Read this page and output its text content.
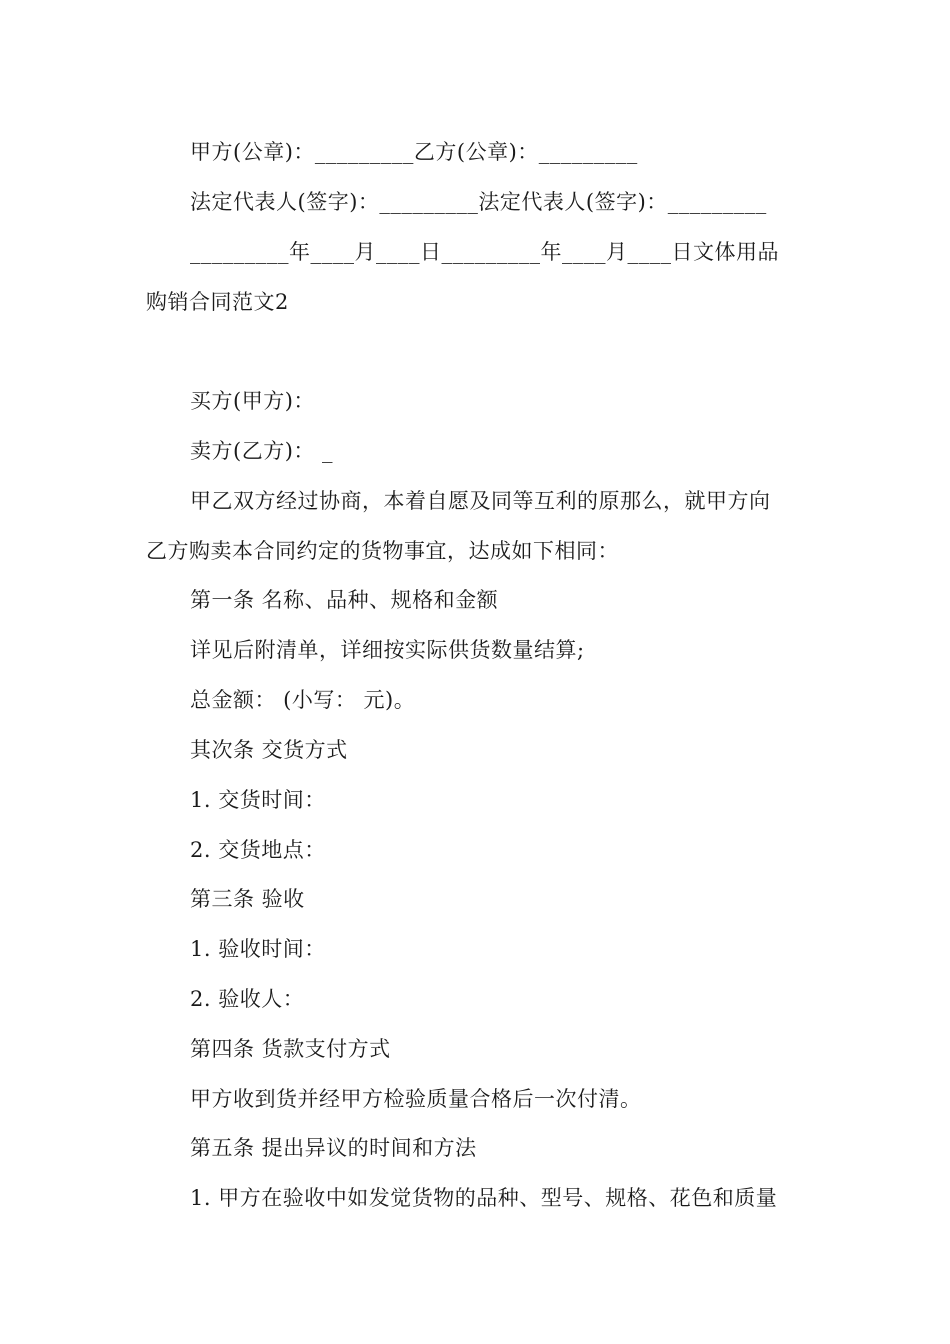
甲方(公章)：_________乙方(公章)：_________
法定代表人(签字)：_________法定代表人(签字)：_________
_________年____月____日_________年____月____日文体用品
购销合同范文2
买方(甲方)：
卖方(乙方)： _
甲乙双方经过协商，本着自愿及同等互利的原那么，就甲方向
乙方购卖本合同约定的货物事宜，达成如下相同：
第一条 名称、品种、规格和金额
详见后附清单，详细按实际供货数量结算;
总金额： (小写： 元)。
其次条 交货方式
1. 交货时间：
2. 交货地点：
第三条 验收
1. 验收时间：
2. 验收人：
第四条 货款支付方式
甲方收到货并经甲方检验质量合格后一次付清。
第五条 提出异议的时间和方法
1. 甲方在验收中如发觉货物的品种、型号、规格、花色和质量
